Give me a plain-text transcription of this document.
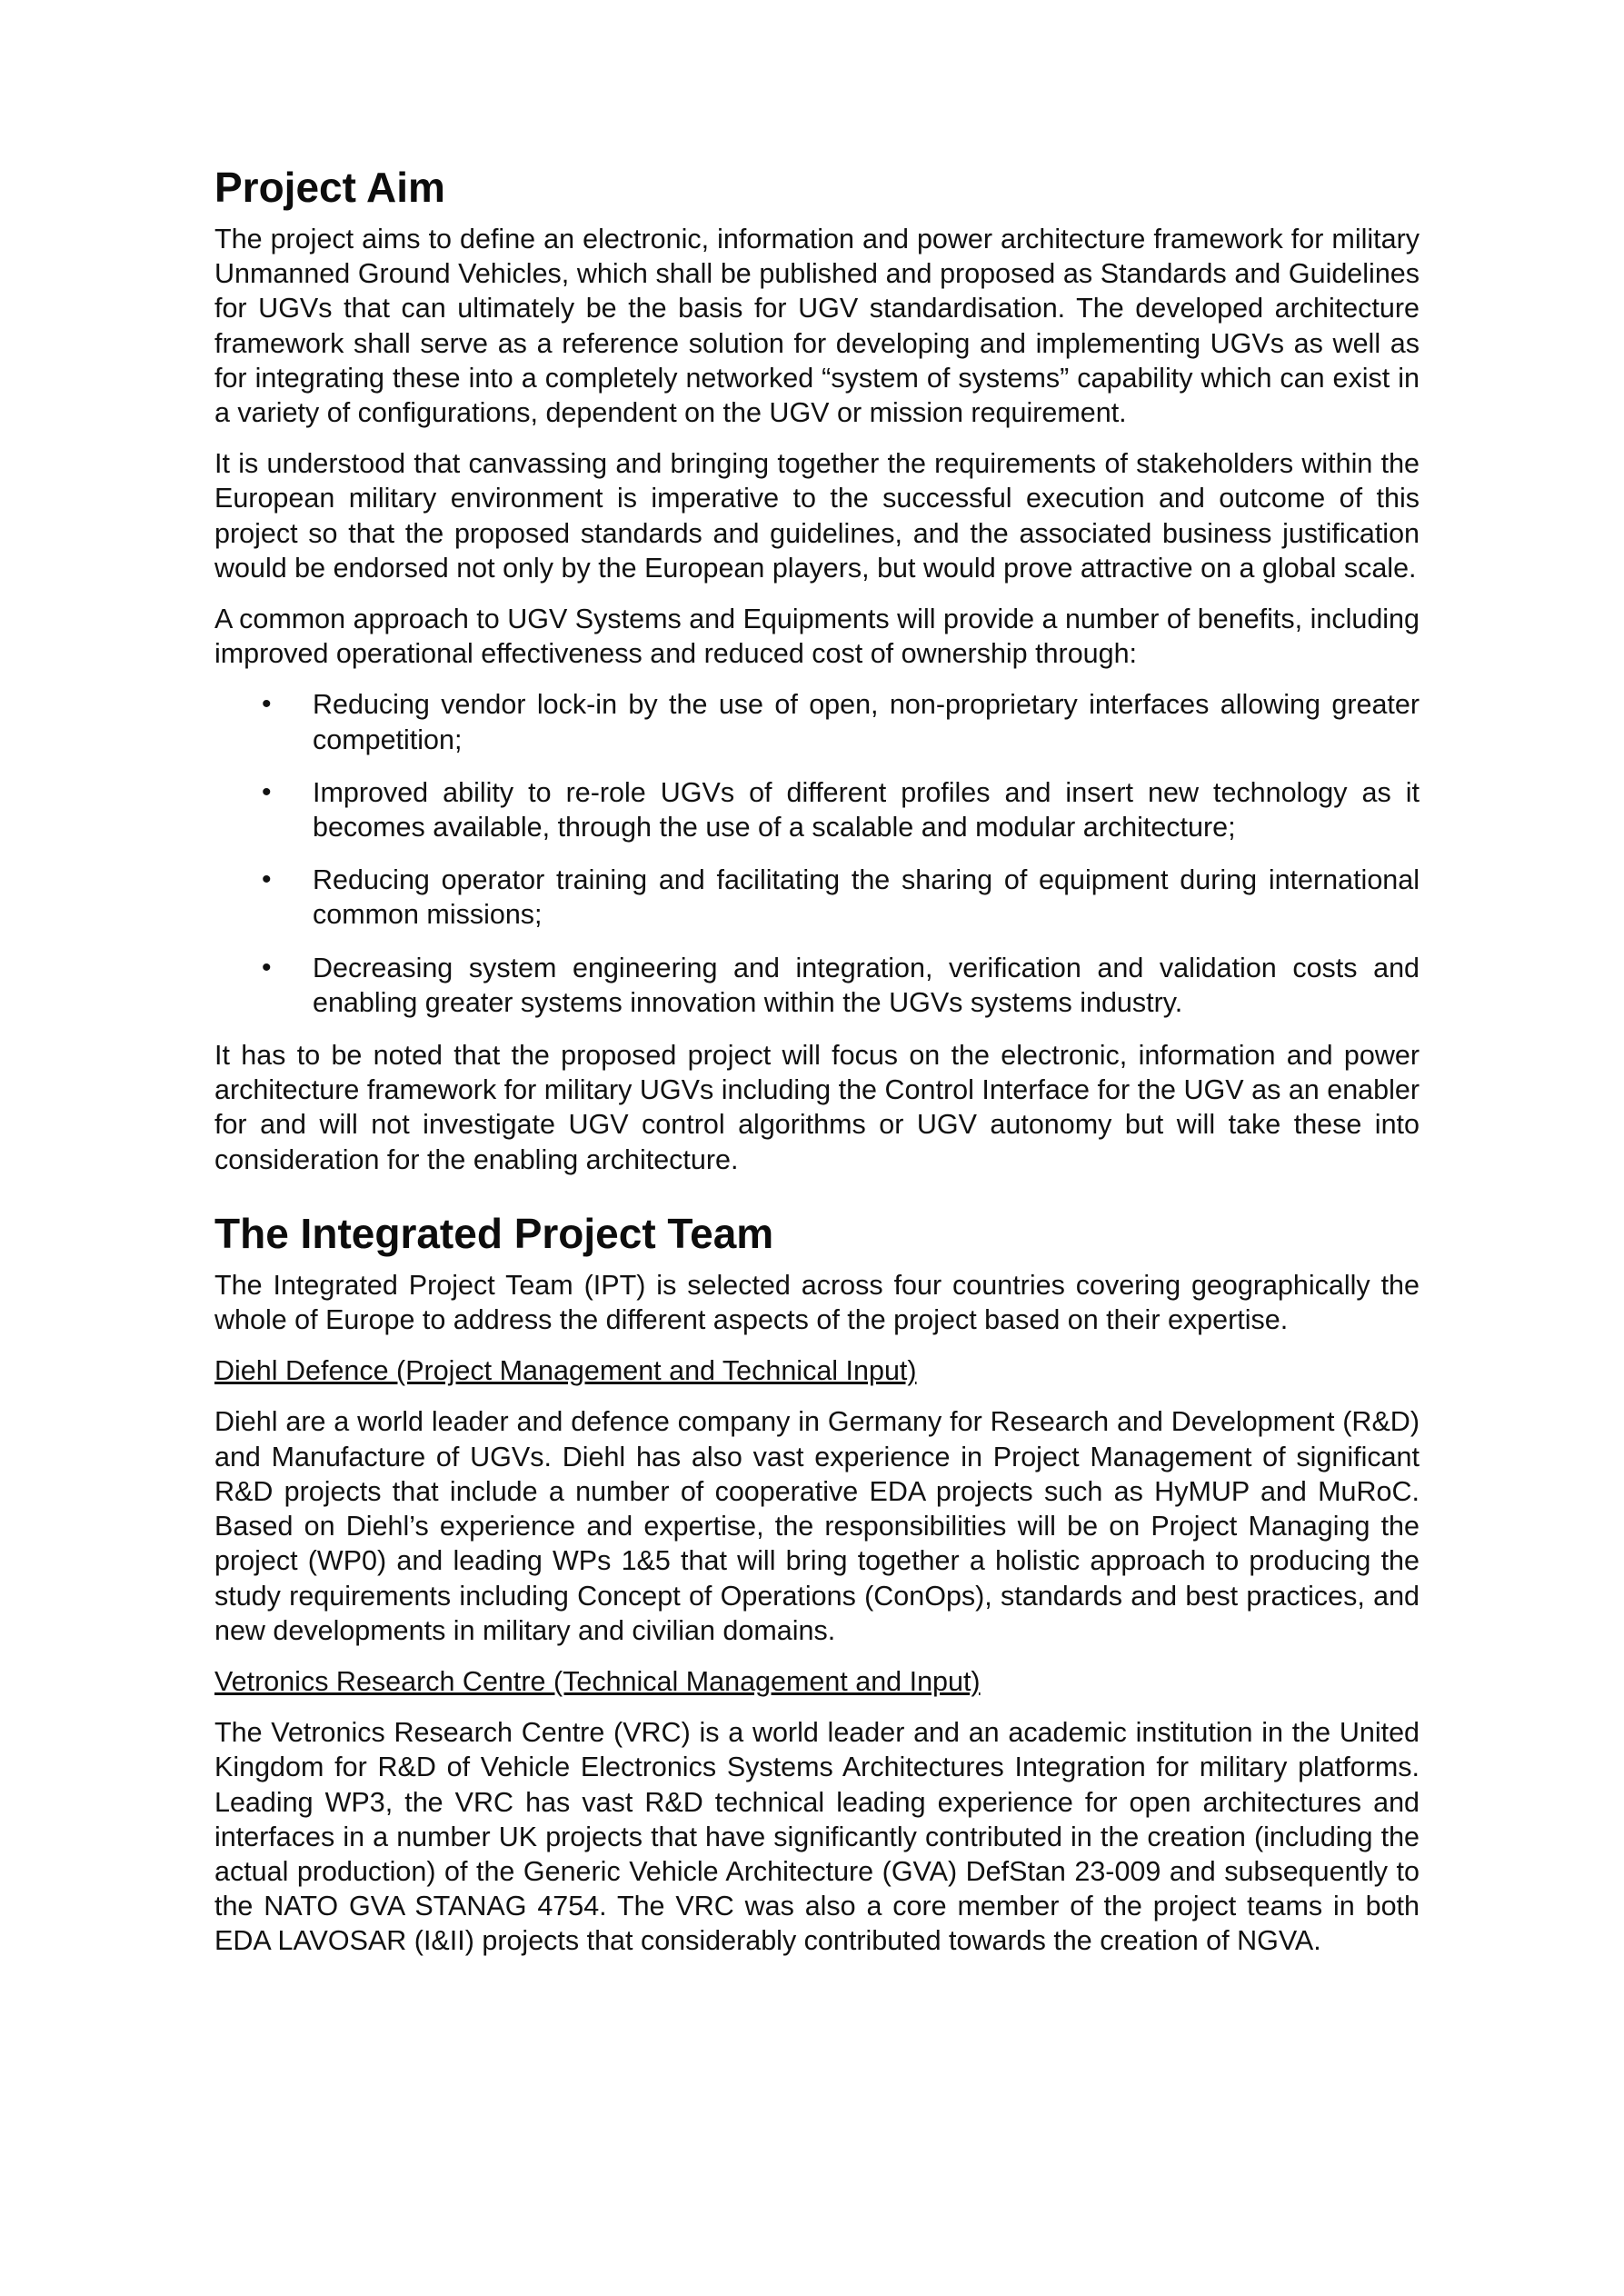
Project Aim

The project aims to define an electronic, information and power architecture framework for military Unmanned Ground Vehicles, which shall be published and proposed as Standards and Guidelines for UGVs that can ultimately be the basis for UGV standardisation. The developed architecture framework shall serve as a reference solution for developing and implementing UGVs as well as for integrating these into a completely networked “system of systems” capability which can exist in a variety of configurations, dependent on the UGV or mission requirement.

It is understood that canvassing and bringing together the requirements of stakeholders within the European military environment is imperative to the successful execution and outcome of this project so that the proposed standards and guidelines, and the associated business justification would be endorsed not only by the European players, but would prove attractive on a global scale.

A common approach to UGV Systems and Equipments will provide a number of benefits, including improved operational effectiveness and reduced cost of ownership through:

• Reducing vendor lock-in by the use of open, non-proprietary interfaces allowing greater competition;
• Improved ability to re-role UGVs of different profiles and insert new technology as it becomes available, through the use of a scalable and modular architecture;
• Reducing operator training and facilitating the sharing of equipment during international common missions;
• Decreasing system engineering and integration, verification and validation costs and enabling greater systems innovation within the UGVs systems industry.

It has to be noted that the proposed project will focus on the electronic, information and power architecture framework for military UGVs including the Control Interface for the UGV as an enabler for and will not investigate UGV control algorithms or UGV autonomy but will take these into consideration for the enabling architecture.

The Integrated Project Team

The Integrated Project Team (IPT) is selected across four countries covering geographically the whole of Europe to address the different aspects of the project based on their expertise.

Diehl Defence (Project Management and Technical Input)

Diehl are a world leader and defence company in Germany for Research and Development (R&D) and Manufacture of UGVs. Diehl has also vast experience in Project Management of significant R&D projects that include a number of cooperative EDA projects such as HyMUP and MuRoC. Based on Diehl’s experience and expertise, the responsibilities will be on Project Managing the project (WP0) and leading WPs 1&5 that will bring together a holistic approach to producing the study requirements including Concept of Operations (ConOps), standards and best practices, and new developments in military and civilian domains.

Vetronics Research Centre (Technical Management and Input)

The Vetronics Research Centre (VRC) is a world leader and an academic institution in the United Kingdom for R&D of Vehicle Electronics Systems Architectures Integration for military platforms. Leading WP3, the VRC has vast R&D technical leading experience for open architectures and interfaces in a number UK projects that have significantly contributed in the creation (including the actual production) of the Generic Vehicle Architecture (GVA) DefStan 23-009 and subsequently to the NATO GVA STANAG 4754. The VRC was also a core member of the project teams in both EDA LAVOSAR (I&II) projects that considerably contributed towards the creation of NGVA.
